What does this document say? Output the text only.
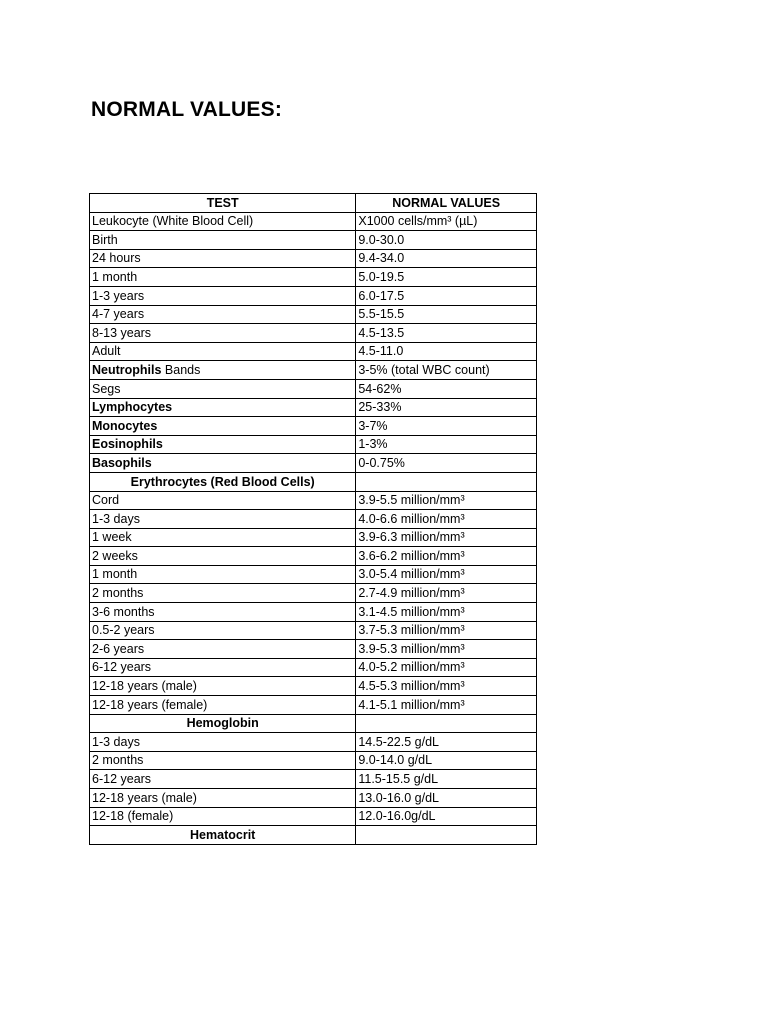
NORMAL VALUES:
TEST	NORMAL VALUES
Leukocyte (White Blood Cell)	X1000 cells/mm³ (µL)
Birth	9.0-30.0
24 hours	9.4-34.0
1 month	5.0-19.5
1-3 years	6.0-17.5
4-7 years	5.5-15.5
8-13 years	4.5-13.5
Adult	4.5-11.0
Neutrophils Bands	3-5% (total WBC count)
Segs	54-62%
Lymphocytes	25-33%
Monocytes	3-7%
Eosinophils	1-3%
Basophils	0-0.75%
Erythrocytes (Red Blood Cells)	
Cord	3.9-5.5 million/mm³
1-3 days	4.0-6.6 million/mm³
1 week	3.9-6.3 million/mm³
2 weeks	3.6-6.2 million/mm³
1 month	3.0-5.4 million/mm³
2 months	2.7-4.9 million/mm³
3-6 months	3.1-4.5 million/mm³
0.5-2 years	3.7-5.3 million/mm³
2-6 years	3.9-5.3 million/mm³
6-12 years	4.0-5.2 million/mm³
12-18 years (male)	4.5-5.3 million/mm³
12-18 years (female)	4.1-5.1 million/mm³
Hemoglobin	
1-3 days	14.5-22.5 g/dL
2 months	9.0-14.0 g/dL
6-12 years	11.5-15.5 g/dL
12-18 years (male)	13.0-16.0 g/dL
12-18 (female)	12.0-16.0g/dL
Hematocrit	
